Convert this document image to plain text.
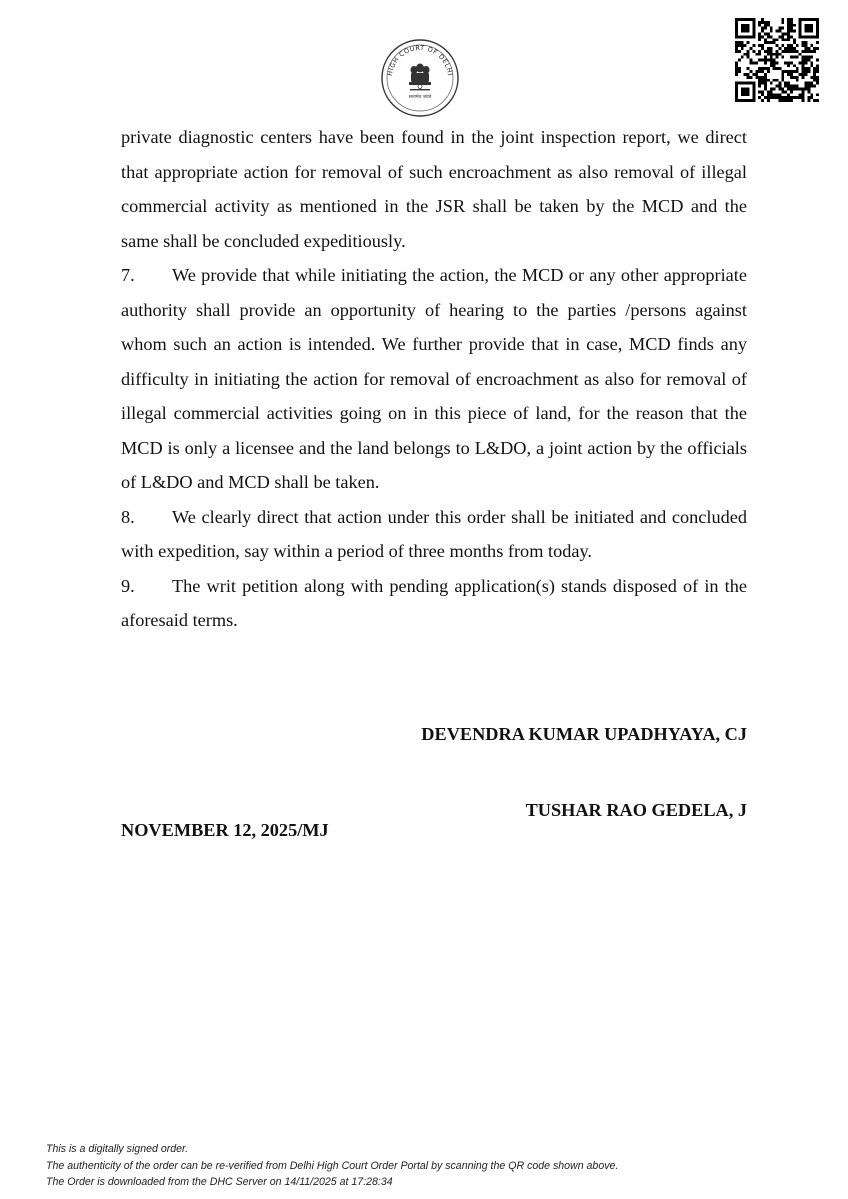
HIGH COURT OF DELHI
सत्यमेव जयते

private diagnostic centers have been found in the joint inspection report, we direct that appropriate action for removal of such encroachment as also removal of illegal commercial activity as mentioned in the JSR shall be taken by the MCD and the same shall be concluded expeditiously.

7. We provide that while initiating the action, the MCD or any other appropriate authority shall provide an opportunity of hearing to the parties /persons against whom such an action is intended. We further provide that in case, MCD finds any difficulty in initiating the action for removal of encroachment as also for removal of illegal commercial activities going on in this piece of land, for the reason that the MCD is only a licensee and the land belongs to L&DO, a joint action by the officials of L&DO and MCD shall be taken.

8. We clearly direct that action under this order shall be initiated and concluded with expedition, say within a period of three months from today.

9. The writ petition along with pending application(s) stands disposed of in the aforesaid terms.

DEVENDRA KUMAR UPADHYAYA, CJ
TUSHAR RAO GEDELA, J
NOVEMBER 12, 2025/MJ
This is a digitally signed order.
The authenticity of the order can be re-verified from Delhi High Court Order Portal by scanning the QR code shown above.
The Order is downloaded from the DHC Server on 14/11/2025 at 17:28:34
